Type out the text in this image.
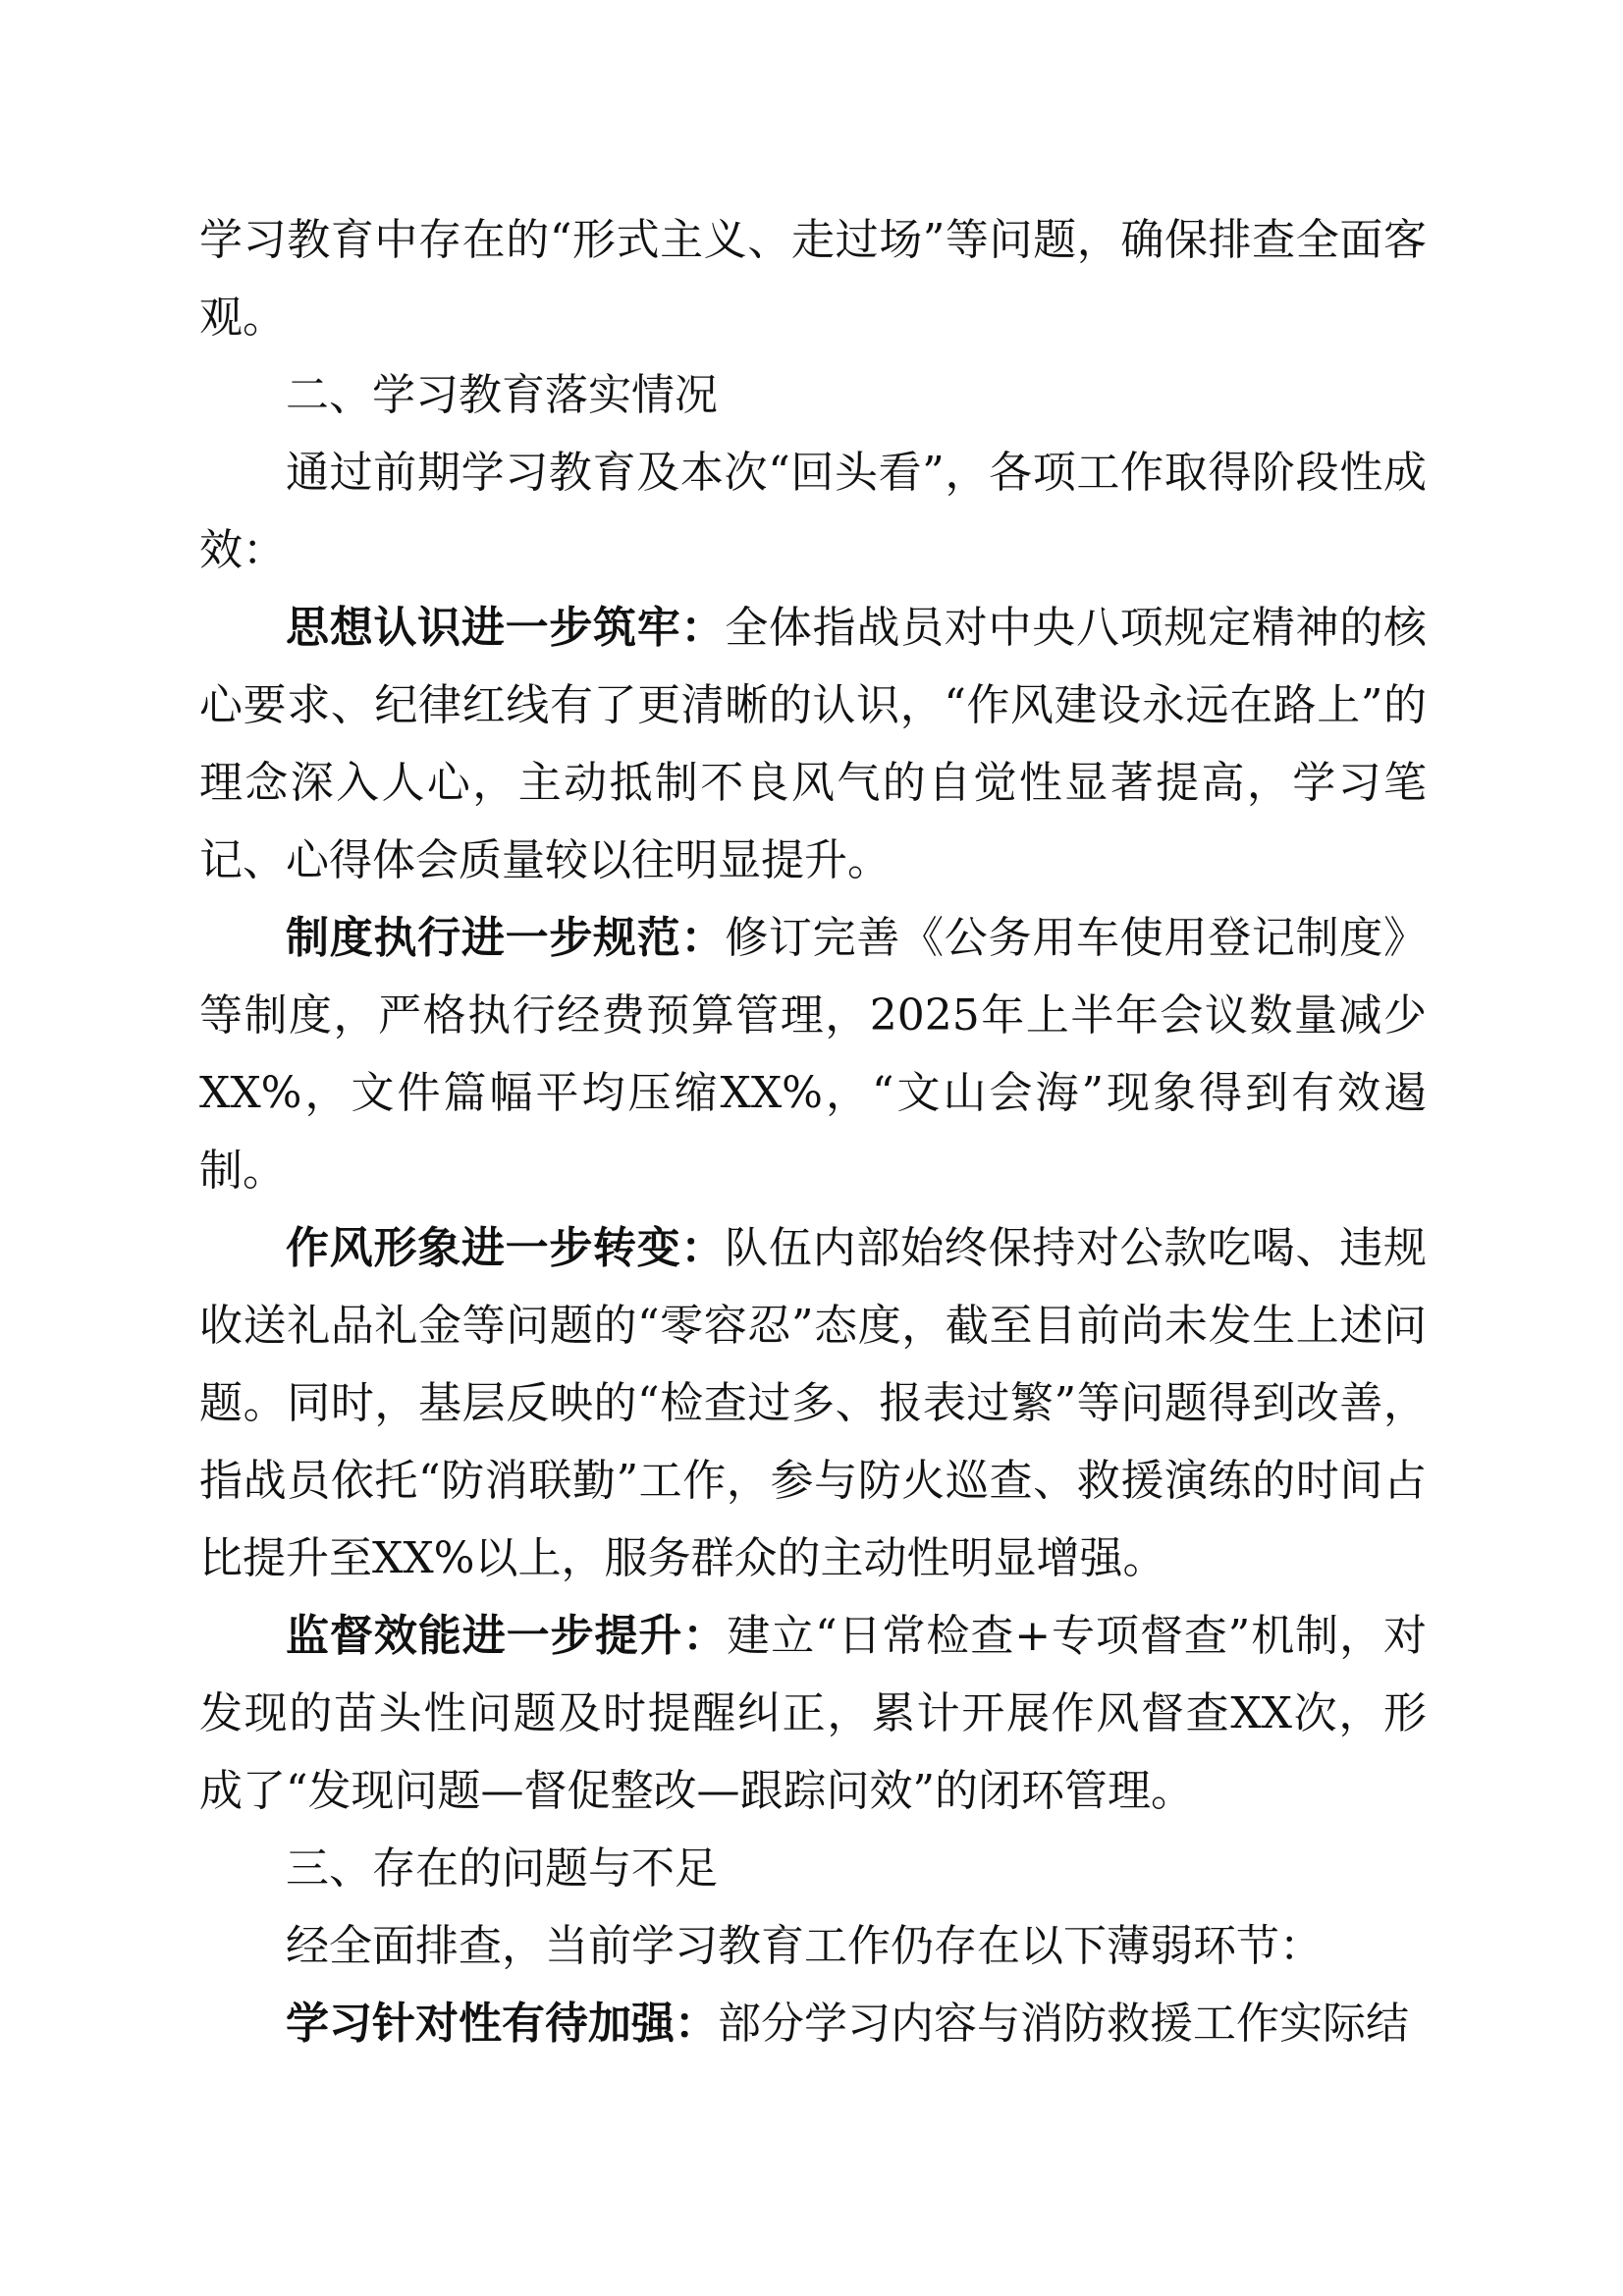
学习教育中存在的“形式主义、走过场”等问题，确保排查全面客观。

二、学习教育落实情况

通过前期学习教育及本次“回头看”，各项工作取得阶段性成效：

思想认识进一步筑牢：全体指战员对中央八项规定精神的核心要求、纪律红线有了更清晰的认识，“作风建设永远在路上”的理念深入人心，主动抵制不良风气的自觉性显著提高，学习笔记、心得体会质量较以往明显提升。

制度执行进一步规范：修订完善《公务用车使用登记制度》等制度，严格执行经费预算管理，2025年上半年会议数量减少XX%，文件篇幅平均压缩XX%，“文山会海”现象得到有效遏制。

作风形象进一步转变：队伍内部始终保持对公款吃喝、违规收送礼品礼金等问题的“零容忍”态度，截至目前尚未发生上述问题。同时，基层反映的“检查过多、报表过繁”等问题得到改善，指战员依托“防消联勤”工作，参与防火巡查、救援演练的时间占比提升至XX%以上，服务群众的主动性明显增强。

监督效能进一步提升：建立“日常检查+专项督查”机制，对发现的苗头性问题及时提醒纠正，累计开展作风督查XX次，形成了“发现问题—督促整改—跟踪问效”的闭环管理。

三、存在的问题与不足

经全面排查，当前学习教育工作仍存在以下薄弱环节：

学习针对性有待加强：部分学习内容与消防救援工作实际结
